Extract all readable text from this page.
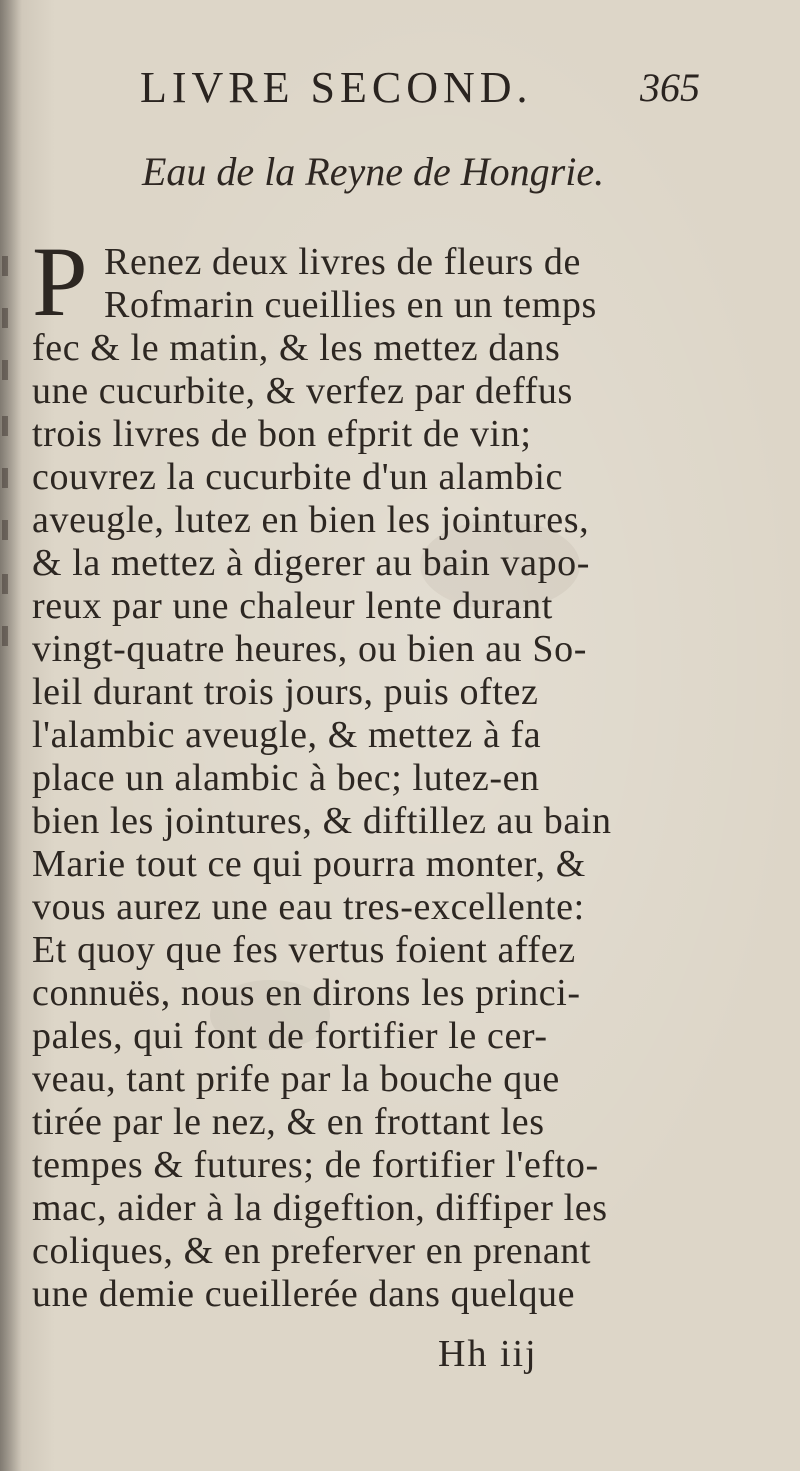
LIVRE SECOND.	365
Eau de la Reyne de Hongrie.
P Renez deux livres de fleurs de
Rofmarin cueillies en un temps
fec & le matin, & les mettez dans
une cucurbite, & verfez par deffus
trois livres de bon efprit de vin;
couvrez la cucurbite d'un alambic
aveugle, lutez en bien les jointures,
& la mettez à digerer au bain vapo-
reux par une chaleur lente durant
vingt-quatre heures, ou bien au So-
leil durant trois jours, puis oftez
l'alambic aveugle, & mettez à fa
place un alambic à bec; lutez-en
bien les jointures, & diftillez au bain
Marie tout ce qui pourra monter, &
vous aurez une eau tres-excellente:
Et quoy que fes vertus foient affez
connuës, nous en dirons les princi-
pales, qui font de fortifier le cer-
veau, tant prife par la bouche que
tirée par le nez, & en frottant les
tempes & futures; de fortifier l'efto-
mac, aider à la digeftion, diffiper les
coliques, & en preferver en prenant
une demie cueillerée dans quelque
Hh iij
